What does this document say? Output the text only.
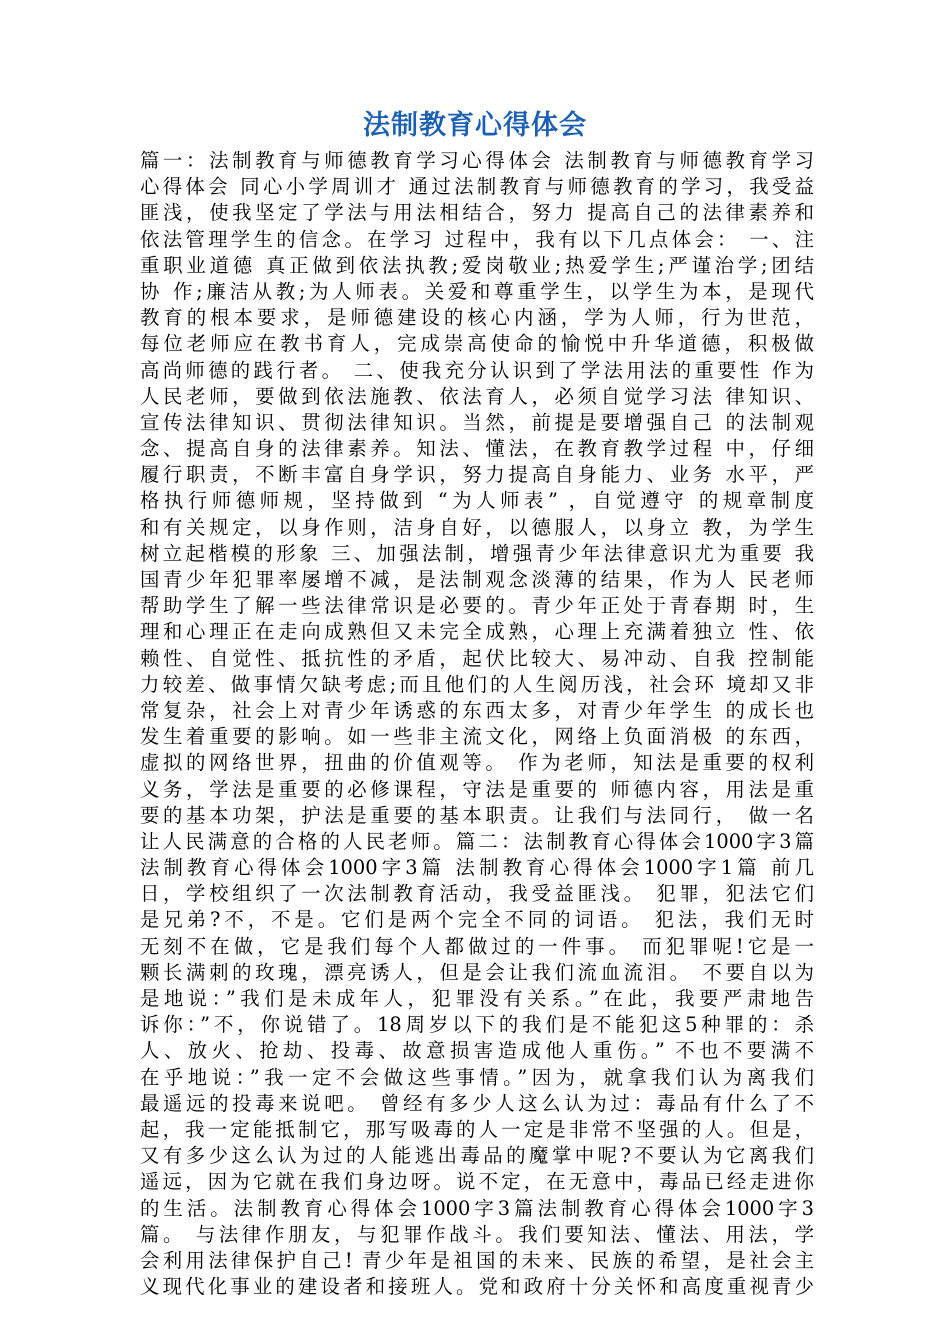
法制教育心得体会
篇一：法制教育与师德教育学习心得体会 法制教育与师德教育学习
心得体会 同心小学周训才 通过法制教育与师德教育的学习，我受益
匪浅，使我坚定了学法与用法相结合，努力 提高自己的法律素养和
依法管理学生的信念。在学习 过程中，我有以下几点体会： 一、注
重职业道德 真正做到依法执教;爱岗敬业;热爱学生;严谨治学;团结
协 作;廉洁从教;为人师表。关爱和尊重学生，以学生为本，是现代
教育的根本要求，是师德建设的核心内涵，学为人师，行为世范，
每位老师应在教书育人，完成崇高使命的愉悦中升华道德，积极做
高尚师德的践行者。 二、使我充分认识到了学法用法的重要性 作为
人民老师，要做到依法施教、依法育人，必须自觉学习法 律知识、
宣传法律知识、贯彻法律知识。当然，前提是要增强自己 的法制观
念、提高自身的法律素养。知法、懂法，在教育教学过程 中，仔细
履行职责，不断丰富自身学识，努力提高自身能力、业务 水平，严
格执行师德师规，坚持做到 “为人师表” ，自觉遵守 的规章制度
和有关规定，以身作则，洁身自好，以德服人，以身立 教，为学生
树立起楷模的形象 三、加强法制，增强青少年法律意识尤为重要 我
国青少年犯罪率屡增不减，是法制观念淡薄的结果，作为人 民老师
帮助学生了解一些法律常识是必要的。青少年正处于青春期 时，生
理和心理正在走向成熟但又未完全成熟，心理上充满着独立 性、依
赖性、自觉性、抵抗性的矛盾，起伏比较大、易冲动、自我 控制能
力较差、做事情欠缺考虑;而且他们的人生阅历浅，社会环 境却又非
常复杂，社会上对青少年诱惑的东西太多，对青少年学生 的成长也
发生着重要的影响。如一些非主流文化，网络上负面消极 的东西，
虚拟的网络世界，扭曲的价值观等。 作为老师，知法是重要的权利
义务，学法是重要的必修课程，守法是重要的 师德内容，用法是重
要的基本功架，护法是重要的基本职责。让我们与法同行， 做一名
让人民满意的合格的人民老师。篇二：法制教育心得体会1000字3篇
法制教育心得体会1000字3篇 法制教育心得体会1000字1篇 前几
日，学校组织了一次法制教育活动，我受益匪浅。 犯罪，犯法它们
是兄弟?不，不是。它们是两个完全不同的词语。 犯法，我们无时
无刻不在做，它是我们每个人都做过的一件事。 而犯罪呢!它是一
颗长满刺的玫瑰，漂亮诱人，但是会让我们流血流泪。 不要自以为
是地说：”我们是未成年人，犯罪没有关系。”在此，我要严肃地告
诉你：”不，你说错了。18周岁以下的我们是不能犯这5种罪的：杀
人、放火、抢劫、投毒、故意损害造成他人重伤。” 不也不要满不
在乎地说：”我一定不会做这些事情。”因为，就拿我们认为离我们
最遥远的投毒来说吧。 曾经有多少人这么认为过：毒品有什么了不
起，我一定能抵制它，那写吸毒的人一定是非常不坚强的人。但是，
又有多少这么认为过的人能逃出毒品的魔掌中呢?不要认为它离我们
遥远，因为它就在我们身边呀。说不定，在无意中，毒品已经走进你
的生活。法制教育心得体会1000字3篇法制教育心得体会1000字3
篇。 与法律作朋友，与犯罪作战斗。我们要知法、懂法、用法，学
会利用法律保护自己! 青少年是祖国的未来、民族的希望，是社会主
义现代化事业的建设者和接班人。党和政府十分关怀和高度重视青少
